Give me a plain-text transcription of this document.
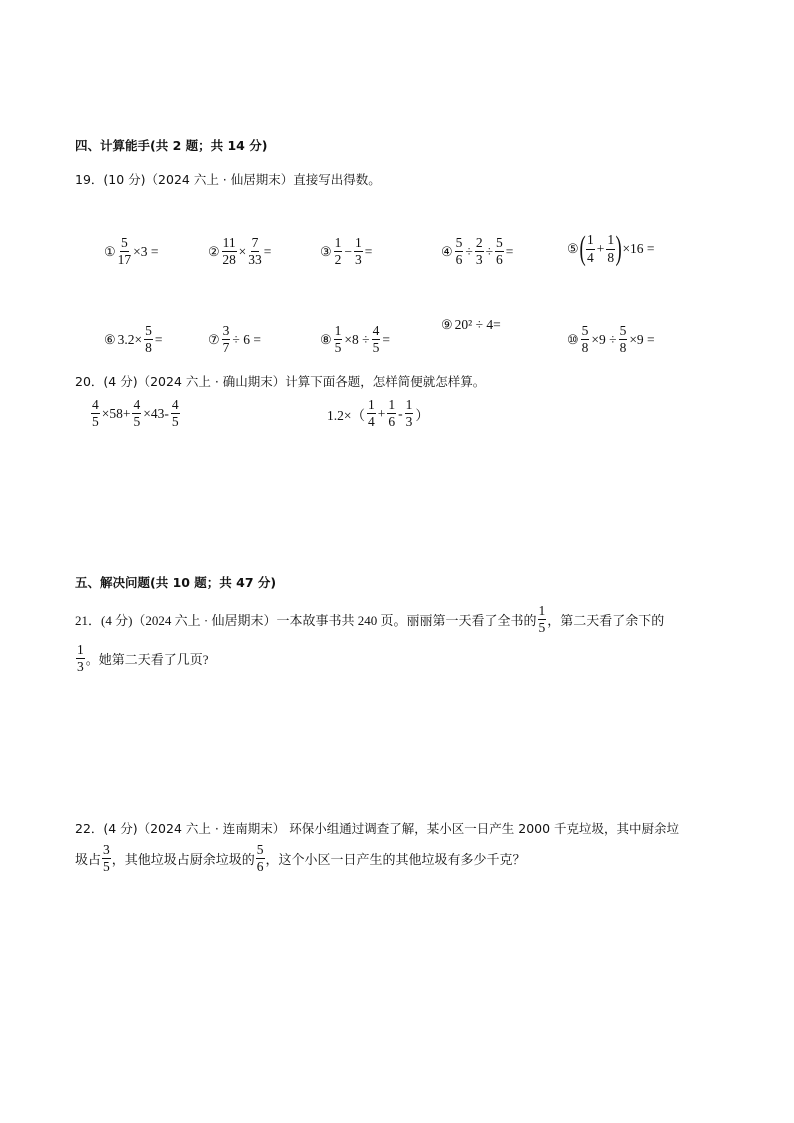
四、计算能手(共 2 题；共 14 分)
19．(10 分)（2024 六上 · 仙居期末）直接写出得数。
① $\frac{5}{17} \times 3$ =	② $\frac{11}{28} \times \frac{7}{33}$ =	③ $\frac{1}{2} - \frac{1}{3}$ =	④ $\frac{5}{6} \div \frac{2}{3} \div \frac{5}{6}$ =	⑤ ( $\frac{1}{4} + \frac{1}{8}$ ) ×16 =
⑥ $3.2\times \frac{5}{8}$ =	⑦ $\frac{3}{7} \div 6$ =	⑧ $\frac{1}{5} \times 8 \div \frac{4}{5}$ =
⑨ 20² ÷ 4=
⑩ $\frac{5}{8} \times 9 \div \frac{5}{8} \times 9$ =
20．(4 分)（2024 六上 · 确山期末）计算下面各题，怎样简便就怎样算。
$\frac{4}{5} \times 58+ \frac{4}{5} \times 43- \frac{4}{5}$	$1.2\times( \frac{1}{4} + \frac{1}{6} - \frac{1}{3}$ ）
五、解决问题(共 10 题；共 47 分)
21．(4 分)（2024 六上 · 仙居期末）一本故事书共 240 页。丽丽第一天看了全书的 $\frac{1}{5}$ ，第二天看了余下的
$\frac{1}{3}$ 。她第二天看了几页?
22．(4 分)（2024 六上 · 连南期末） 环保小组通过调查了解，某小区一日产生 2000 千克垃圾，其中厨余垃
圾占 $\frac{3}{5}$ ，其他垃圾占厨余垃圾的 $\frac{5}{6}$ ，这个小区一日产生的其他垃圾有多少千克？
